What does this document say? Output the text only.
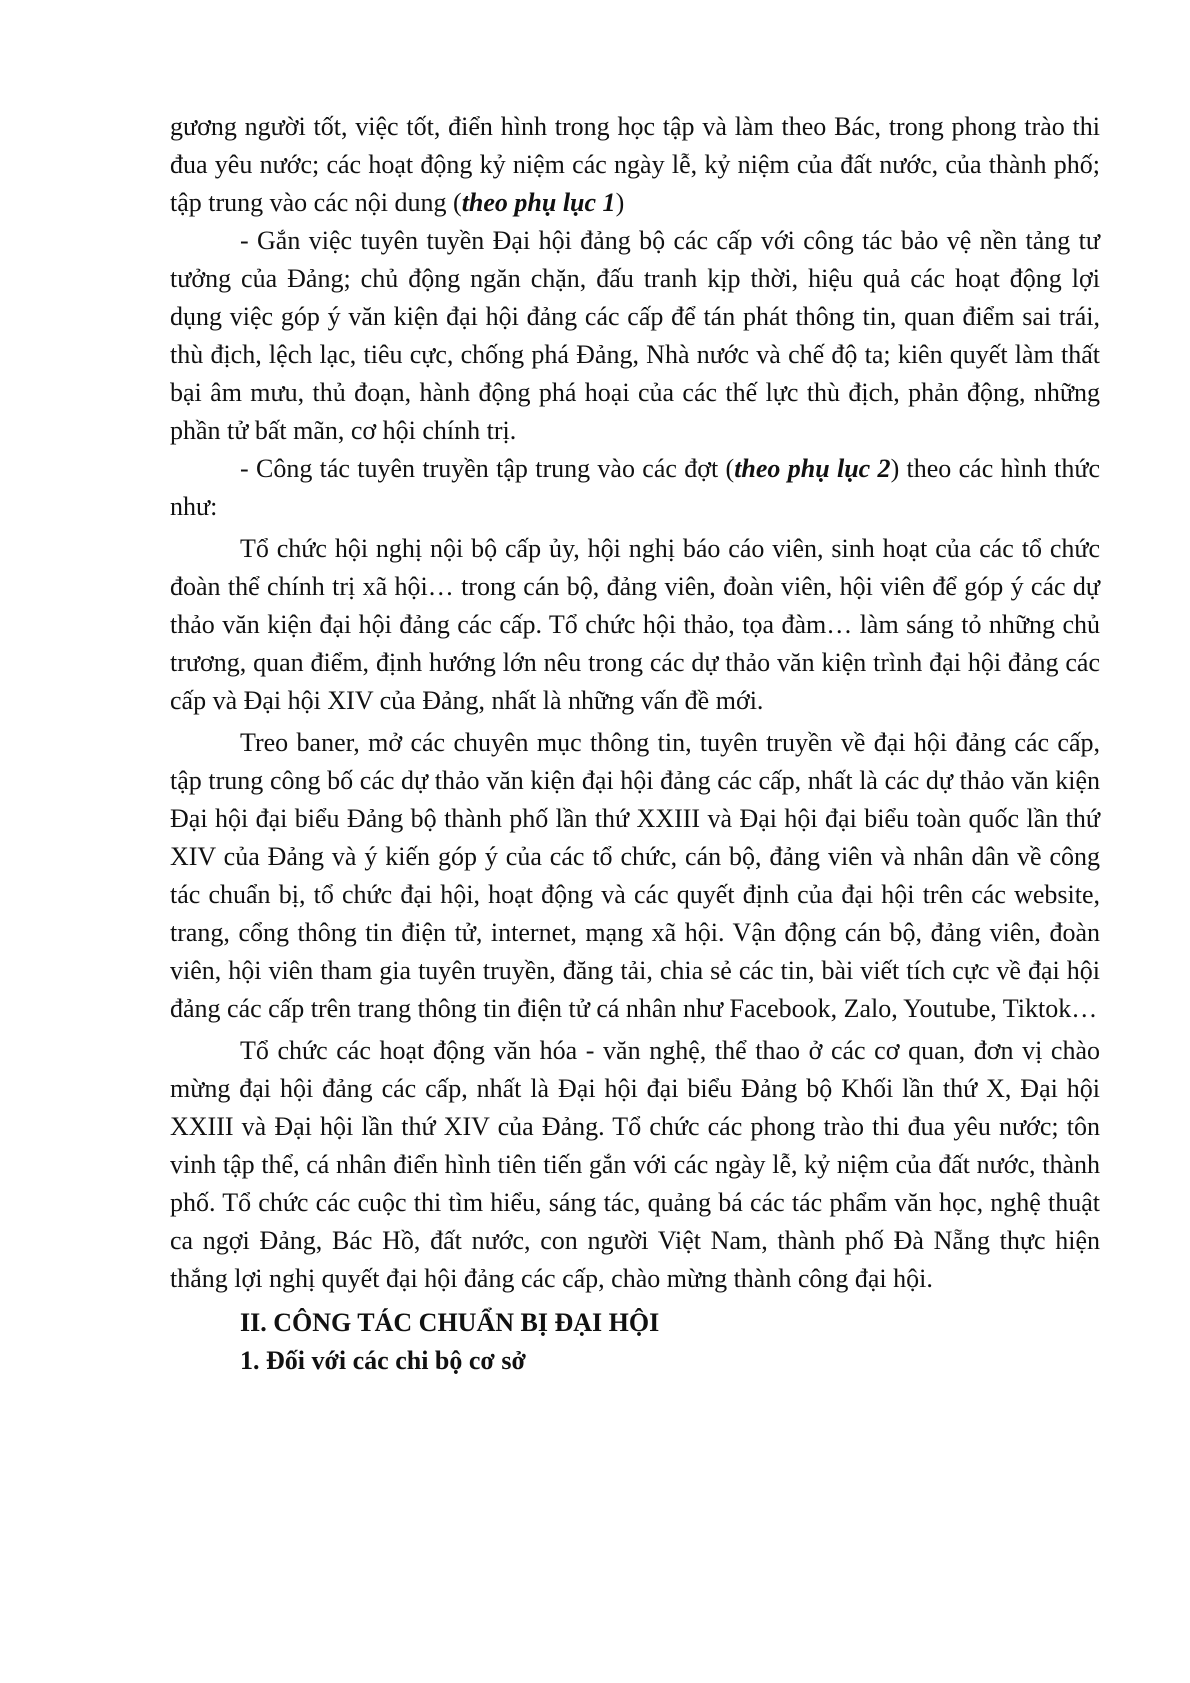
gương người tốt, việc tốt, điển hình trong học tập và làm theo Bác, trong phong trào thi đua yêu nước; các hoạt động kỷ niệm các ngày lễ, kỷ niệm của đất nước, của thành phố; tập trung vào các nội dung (theo phụ lục 1)

- Gắn việc tuyên tuyền Đại hội đảng bộ các cấp với công tác bảo vệ nền tảng tư tưởng của Đảng; chủ động ngăn chặn, đấu tranh kịp thời, hiệu quả các hoạt động lợi dụng việc góp ý văn kiện đại hội đảng các cấp để tán phát thông tin, quan điểm sai trái, thù địch, lệch lạc, tiêu cực, chống phá Đảng, Nhà nước và chế độ ta; kiên quyết làm thất bại âm mưu, thủ đoạn, hành động phá hoại của các thế lực thù địch, phản động, những phần tử bất mãn, cơ hội chính trị.

- Công tác tuyên truyền tập trung vào các đợt (theo phụ lục 2) theo các hình thức như:

Tổ chức hội nghị nội bộ cấp ủy, hội nghị báo cáo viên, sinh hoạt của các tổ chức đoàn thể chính trị xã hội… trong cán bộ, đảng viên, đoàn viên, hội viên để góp ý các dự thảo văn kiện đại hội đảng các cấp. Tổ chức hội thảo, tọa đàm… làm sáng tỏ những chủ trương, quan điểm, định hướng lớn nêu trong các dự thảo văn kiện trình đại hội đảng các cấp và Đại hội XIV của Đảng, nhất là những vấn đề mới.

Treo baner, mở các chuyên mục thông tin, tuyên truyền về đại hội đảng các cấp, tập trung công bố các dự thảo văn kiện đại hội đảng các cấp, nhất là các dự thảo văn kiện Đại hội đại biểu Đảng bộ thành phố lần thứ XXIII và Đại hội đại biểu toàn quốc lần thứ XIV của Đảng và ý kiến góp ý của các tổ chức, cán bộ, đảng viên và nhân dân về công tác chuẩn bị, tổ chức đại hội, hoạt động và các quyết định của đại hội trên các website, trang, cổng thông tin điện tử, internet, mạng xã hội. Vận động cán bộ, đảng viên, đoàn viên, hội viên tham gia tuyên truyền, đăng tải, chia sẻ các tin, bài viết tích cực về đại hội đảng các cấp trên trang thông tin điện tử cá nhân như Facebook, Zalo, Youtube, Tiktok…

Tổ chức các hoạt động văn hóa - văn nghệ, thể thao ở các cơ quan, đơn vị chào mừng đại hội đảng các cấp, nhất là Đại hội đại biểu Đảng bộ Khối lần thứ X, Đại hội XXIII và Đại hội lần thứ XIV của Đảng. Tổ chức các phong trào thi đua yêu nước; tôn vinh tập thể, cá nhân điển hình tiên tiến gắn với các ngày lễ, kỷ niệm của đất nước, thành phố. Tổ chức các cuộc thi tìm hiểu, sáng tác, quảng bá các tác phẩm văn học, nghệ thuật ca ngợi Đảng, Bác Hồ, đất nước, con người Việt Nam, thành phố Đà Nẵng thực hiện thắng lợi nghị quyết đại hội đảng các cấp, chào mừng thành công đại hội.

II. CÔNG TÁC CHUẨN BỊ ĐẠI HỘI

1. Đối với các chi bộ cơ sở
